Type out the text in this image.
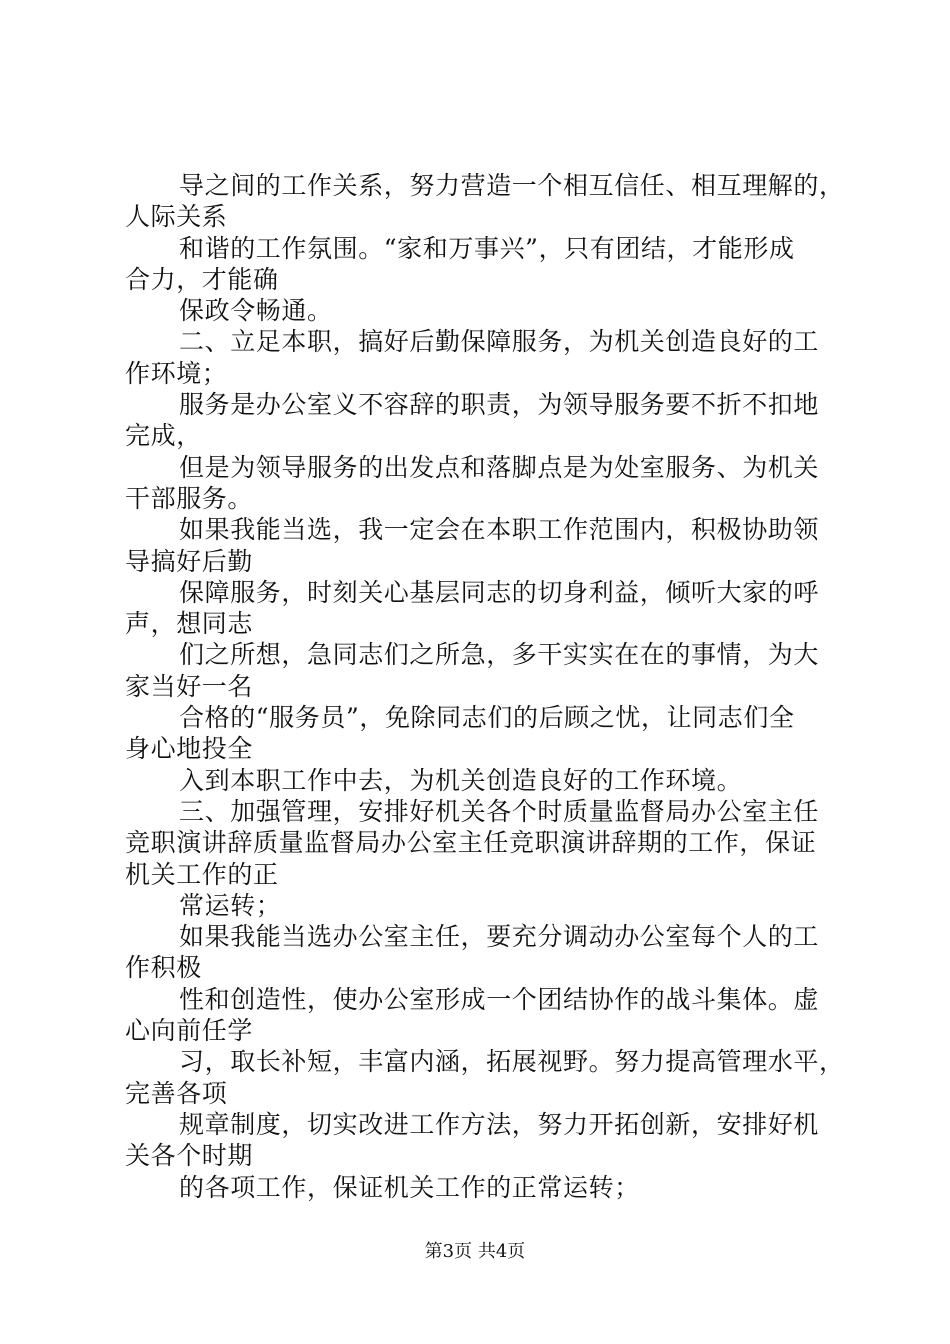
导之间的工作关系，努力营造一个相互信任、相互理解的，
人际关系
和谐的工作氛围。“家和万事兴”，只有团结，才能形成
合力，才能确
保政令畅通。
二、立足本职，搞好后勤保障服务，为机关创造良好的工
作环境；
服务是办公室义不容辞的职责，为领导服务要不折不扣地
完成，
但是为领导服务的出发点和落脚点是为处室服务、为机关
干部服务。
如果我能当选，我一定会在本职工作范围内，积极协助领
导搞好后勤
保障服务，时刻关心基层同志的切身利益，倾听大家的呼
声，想同志
们之所想，急同志们之所急，多干实实在在的事情，为大
家当好一名
合格的“服务员”，免除同志们的后顾之忧，让同志们全
身心地投全
入到本职工作中去，为机关创造良好的工作环境。
三、加强管理，安排好机关各个时质量监督局办公室主任
竞职演讲辞质量监督局办公室主任竞职演讲辞期的工作，保证
机关工作的正
常运转；
如果我能当选办公室主任，要充分调动办公室每个人的工
作积极
性和创造性，使办公室形成一个团结协作的战斗集体。虚
心向前任学
习，取长补短，丰富内涵，拓展视野。努力提高管理水平，
完善各项
规章制度，切实改进工作方法，努力开拓创新，安排好机
关各个时期
的各项工作，保证机关工作的正常运转；
第3页 共4页
